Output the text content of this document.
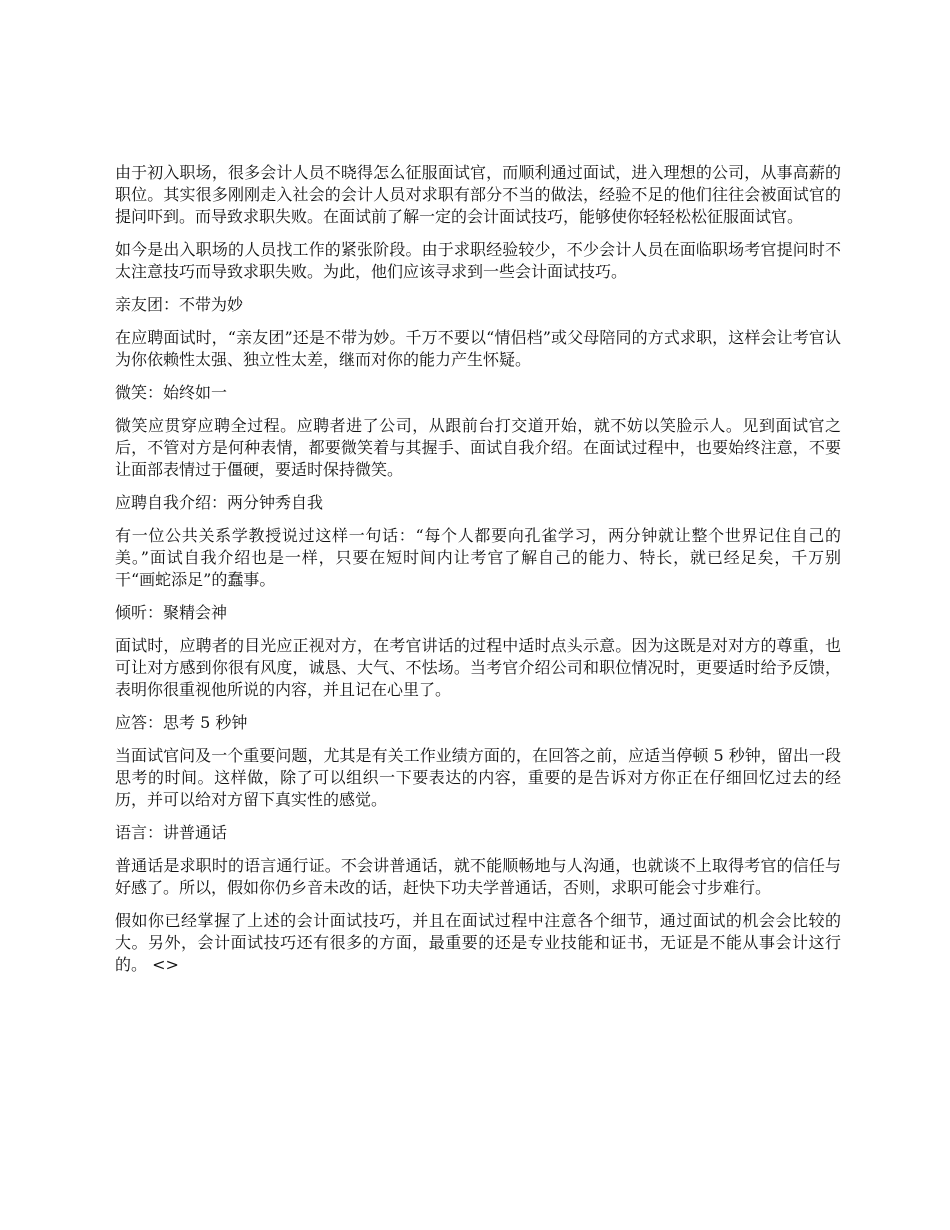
由于初入职场，很多会计人员不晓得怎么征服面试官，而顺利通过面试，进入理想的公司，从事高薪的职位。其实很多刚刚走入社会的会计人员对求职有部分不当的做法，经验不足的他们往往会被面试官的提问吓到。而导致求职失败。在面试前了解一定的会计面试技巧，能够使你轻轻松松征服面试官。

如今是出入职场的人员找工作的紧张阶段。由于求职经验较少，不少会计人员在面临职场考官提问时不太注意技巧而导致求职失败。为此，他们应该寻求到一些会计面试技巧。

亲友团：不带为妙

在应聘面试时，“亲友团”还是不带为妙。千万不要以“情侣档”或父母陪同的方式求职，这样会让考官认为你依赖性太强、独立性太差，继而对你的能力产生怀疑。

微笑：始终如一

微笑应贯穿应聘全过程。应聘者进了公司，从跟前台打交道开始，就不妨以笑脸示人。见到面试官之后，不管对方是何种表情，都要微笑着与其握手、面试自我介绍。在面试过程中，也要始终注意，不要让面部表情过于僵硬，要适时保持微笑。

应聘自我介绍：两分钟秀自我

有一位公共关系学教授说过这样一句话：“每个人都要向孔雀学习，两分钟就让整个世界记住自己的美。”面试自我介绍也是一样，只要在短时间内让考官了解自己的能力、特长，就已经足矣，千万别干“画蛇添足”的蠢事。

倾听：聚精会神

面试时，应聘者的目光应正视对方，在考官讲话的过程中适时点头示意。因为这既是对对方的尊重，也可让对方感到你很有风度，诚恳、大气、不怯场。当考官介绍公司和职位情况时，更要适时给予反馈，表明你很重视他所说的内容，并且记在心里了。

应答：思考 5 秒钟

当面试官问及一个重要问题，尤其是有关工作业绩方面的，在回答之前，应适当停顿 5 秒钟，留出一段思考的时间。这样做，除了可以组织一下要表达的内容，重要的是告诉对方你正在仔细回忆过去的经历，并可以给对方留下真实性的感觉。

语言：讲普通话

普通话是求职时的语言通行证。不会讲普通话，就不能顺畅地与人沟通，也就谈不上取得考官的信任与好感了。所以，假如你仍乡音未改的话，赶快下功夫学普通话，否则，求职可能会寸步难行。

假如你已经掌握了上述的会计面试技巧，并且在面试过程中注意各个细节，通过面试的机会会比较的大。另外，会计面试技巧还有很多的方面，最重要的还是专业技能和证书，无证是不能从事会计这行的。 <>
